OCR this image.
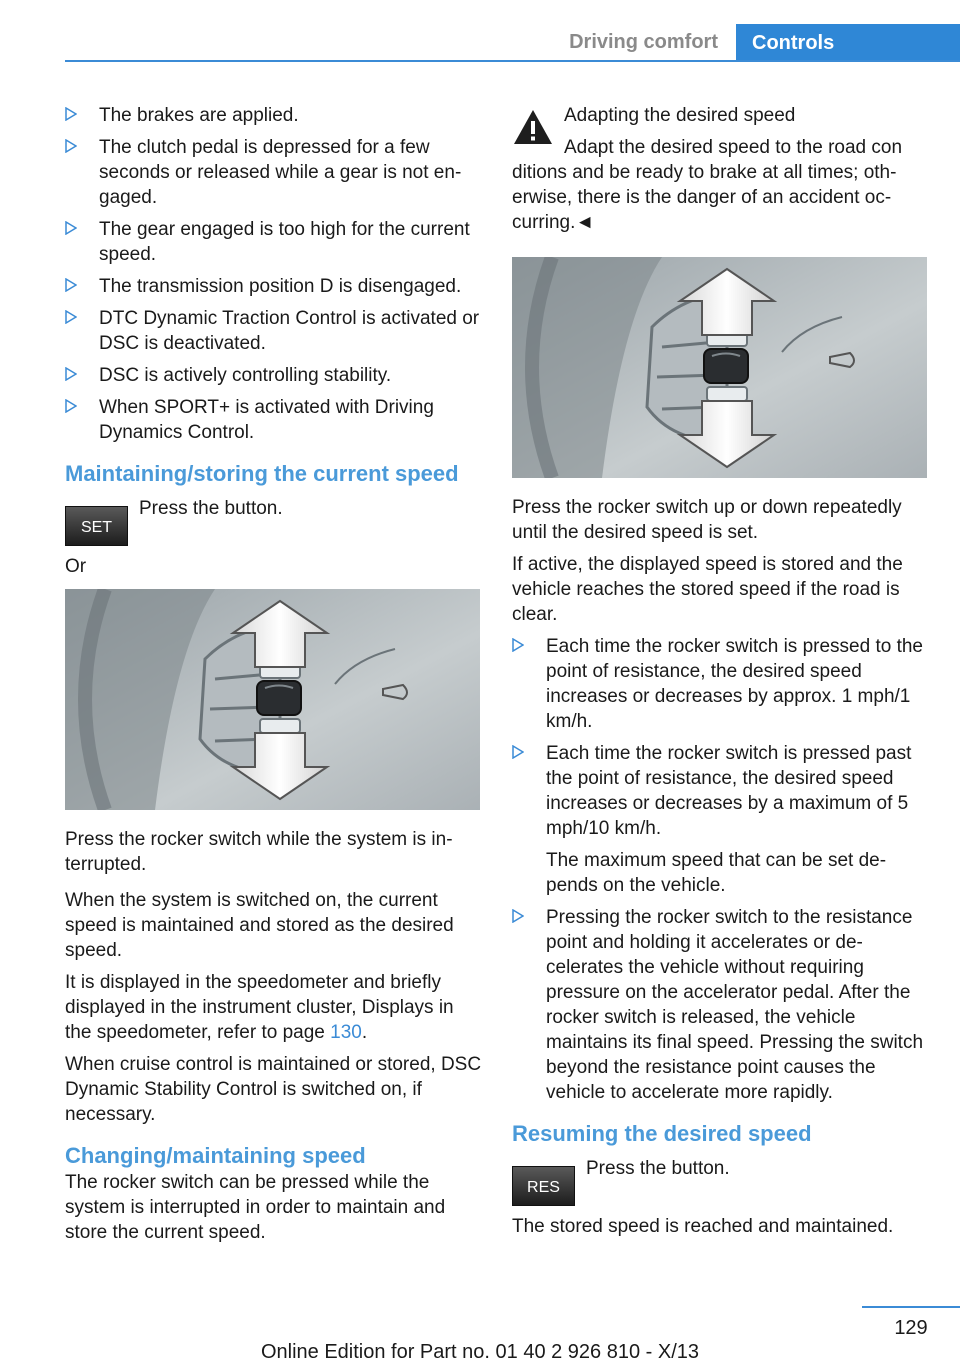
Driving comfort	Controls
The brakes are applied.
The clutch pedal is depressed for a few seconds or released while a gear is not engaged.
The gear engaged is too high for the current speed.
The transmission position D is disengaged.
DTC Dynamic Traction Control is activated or DSC is deactivated.
DSC is actively controlling stability.
When SPORT+ is activated with Driving Dynamics Control.
Maintaining/storing the current speed
SET
Press the button.

Or

Press the rocker switch while the system is interrupted.

When the system is switched on, the current speed is maintained and stored as the desired speed.

It is displayed in the speedometer and briefly displayed in the instrument cluster, Displays in the speedometer, refer to page 130.

When cruise control is maintained or stored, DSC Dynamic Stability Control is switched on, if necessary.

Changing/maintaining speed

The rocker switch can be pressed while the system is interrupted in order to maintain and store the current speed.

Adapting the desired speed

Adapt the desired speed to the road con

ditions and be ready to brake at all times; otherwise, there is the danger of an accident occurring.◄

Press the rocker switch up or down repeatedly until the desired speed is set.

If active, the displayed speed is stored and the vehicle reaches the stored speed if the road is clear.

Each time the rocker switch is pressed to the point of resistance, the desired speed increases or decreases by approx. 1 mph/1 km/h.
Each time the rocker switch is pressed past the point of resistance, the desired speed increases or decreases by a maximum of 5 mph/10 km/h.
The maximum speed that can be set depends on the vehicle.
Pressing the rocker switch to the resistance point and holding it accelerates or decelerates the vehicle without requiring pressure on the accelerator pedal. After the rocker switch is released, the vehicle maintains its final speed. Pressing the switch beyond the resistance point causes the vehicle to accelerate more rapidly.
Resuming the desired speed
RES
Press the button.

The stored speed is reached and maintained.

129
Online Edition for Part no. 01 40 2 926 810 - X/13
